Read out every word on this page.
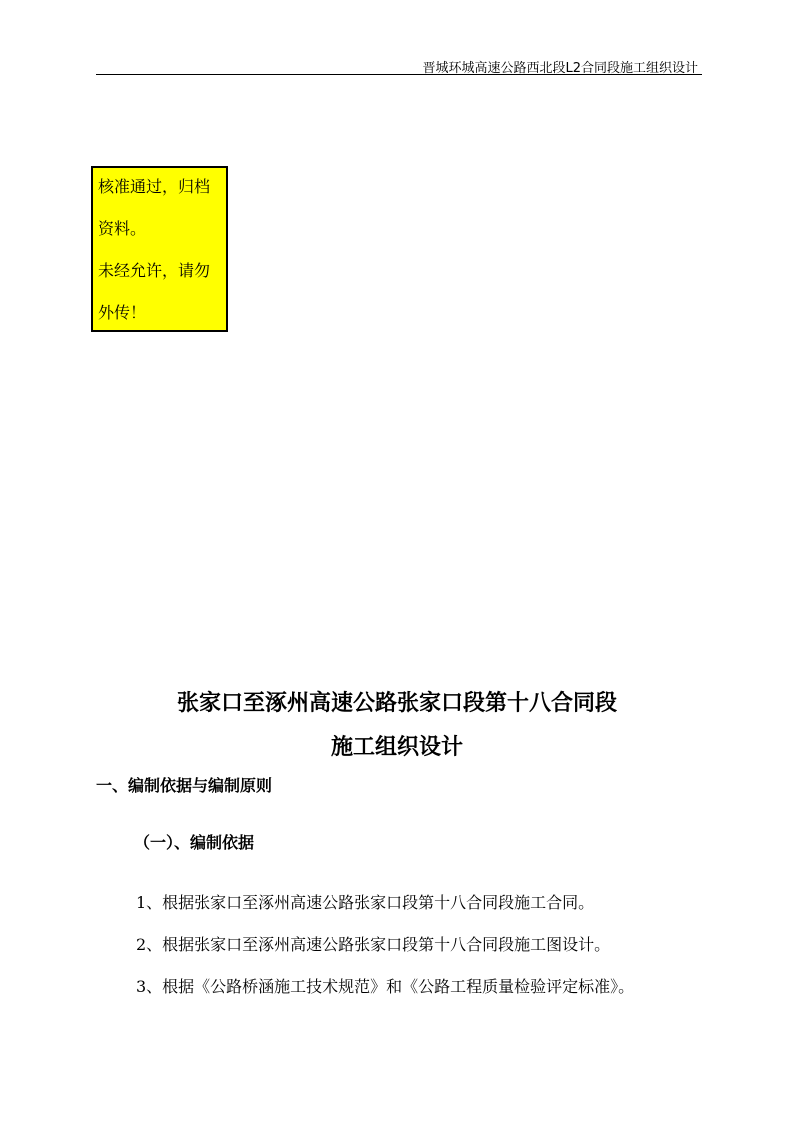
晋城环城高速公路西北段L2合同段施工组织设计
核准通过，归档
资料。
未经允许，请勿
外传！
张家口至涿州高速公路张家口段第十八合同段
施工组织设计
一、编制依据与编制原则
（一）、编制依据
1、根据张家口至涿州高速公路张家口段第十八合同段施工合同。
2、根据张家口至涿州高速公路张家口段第十八合同段施工图设计。
3、根据《公路桥涵施工技术规范》和《公路工程质量检验评定标准》。
